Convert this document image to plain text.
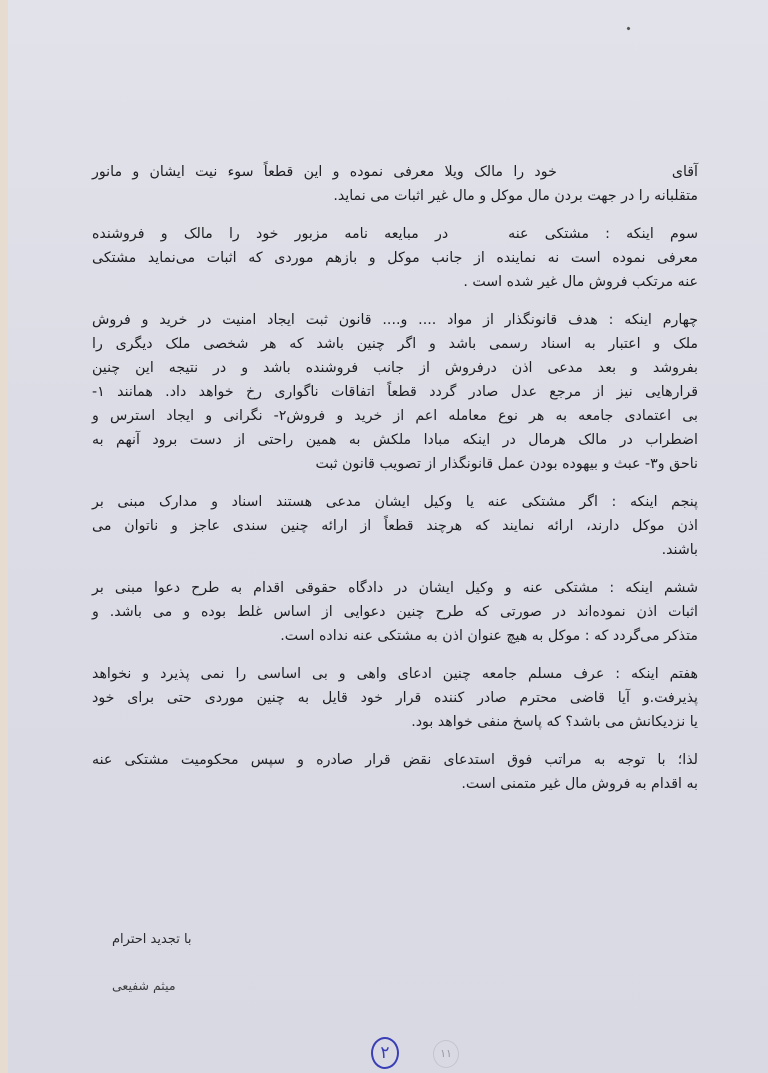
آقایخود را مالک ویلا معرفی نموده و این قطعاً سوء نیت ایشان و مانور
متقلبانه را در جهت بردن مال موکل و مال غیر اثبات می نماید.

سوم اینکه : مشتکی عنهدر مبایعه نامه مزبور خود را مالک و فروشنده
معرفی نموده است نه نماینده از جانب موکل و بازهم موردی که اثبات می‌نماید مشتکی
عنه مرتکب فروش مال غیر شده است .

چهارم اینکه : هدف قانونگذار از مواد .... و.... قانون ثبت ایجاد امنیت در خرید و فروش
ملک و اعتبار به اسناد رسمی باشد و اگر چنین باشد که هر شخصی ملک دیگری را
بفروشد و بعد مدعی اذن درفروش از جانب فروشنده باشد و در نتیجه این چنین
قرارهایی نیز از مرجع عدل صادر گردد قطعاً اتفاقات ناگواری رخ خواهد داد. همانند ۱-
بی اعتمادی جامعه به هر نوع معامله اعم از خرید و فروش۲- نگرانی و ایجاد استرس و
اضطراب در مالک هرمال در اینکه مبادا ملکش به همین راحتی از دست برود آنهم به
ناحق و۳- عبث و بیهوده بودن عمل قانونگذار از تصویب قانون ثبت

پنجم اینکه : اگر مشتکی عنه یا وکیل ایشان مدعی هستند اسناد و مدارک مبنی بر
اذن موکل دارند، ارائه نمایند که هرچند قطعاً از ارائه چنین سندی عاجز و ناتوان می
باشند.

ششم اینکه : مشتکی عنه و وکیل ایشان در دادگاه حقوقی اقدام به طرح دعوا مبنی بر
اثبات اذن نموده‌اند در صورتی که طرح چنین دعوایی از اساس غلط بوده و می باشد. و
متذکر می‌گردد که : موکل به هیچ عنوان اذن به مشتکی عنه نداده است.

هفتم اینکه : عرف مسلم جامعه چنین ادعای واهی و بی اساسی را نمی پذیرد و نخواهد
پذیرفت.و آیا قاضی محترم صادر کننده قرار خود قایل به چنین موردی حتی برای خود
یا نزدیکانش می باشد؟ که پاسخ منفی خواهد بود.

لذا؛ با توجه به مراتب فوق استدعای نقض قرار صادره و سپس محکومیت مشتکی عنه
به اقدام به فروش مال غیر متمنی است.

با تجدید احترام
میثم شفیعی
۲	۱۱
